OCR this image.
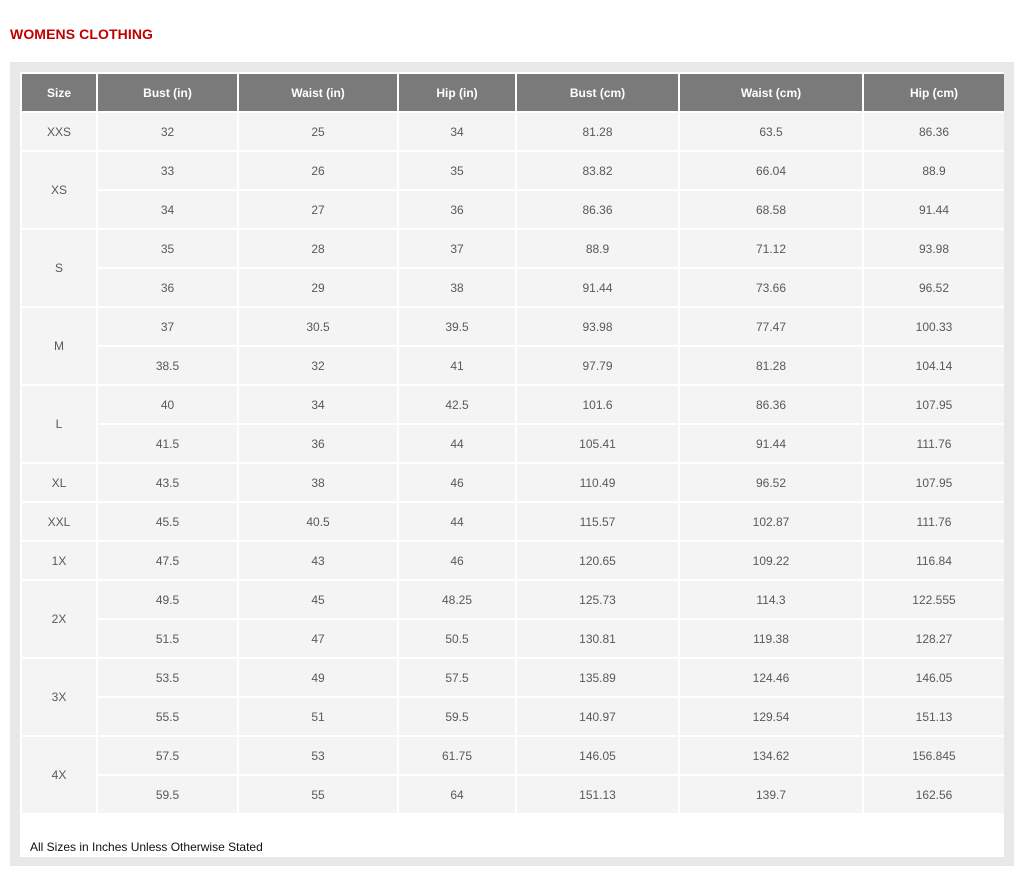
WOMENS CLOTHING
Size	Bust (in)	Waist (in)	Hip (in)	Bust (cm)	Waist (cm)	Hip (cm)
XXS	32	25	34	81.28	63.5	86.36
XS	33	26	35	83.82	66.04	88.9
	34	27	36	86.36	68.58	91.44
S	35	28	37	88.9	71.12	93.98
	36	29	38	91.44	73.66	96.52
M	37	30.5	39.5	93.98	77.47	100.33
	38.5	32	41	97.79	81.28	104.14
L	40	34	42.5	101.6	86.36	107.95
	41.5	36	44	105.41	91.44	111.76
XL	43.5	38	46	110.49	96.52	107.95
XXL	45.5	40.5	44	115.57	102.87	111.76
1X	47.5	43	46	120.65	109.22	116.84
2X	49.5	45	48.25	125.73	114.3	122.555
	51.5	47	50.5	130.81	119.38	128.27
3X	53.5	49	57.5	135.89	124.46	146.05
	55.5	51	59.5	140.97	129.54	151.13
4X	57.5	53	61.75	146.05	134.62	156.845
	59.5	55	64	151.13	139.7	162.56

All Sizes in Inches Unless Otherwise Stated
